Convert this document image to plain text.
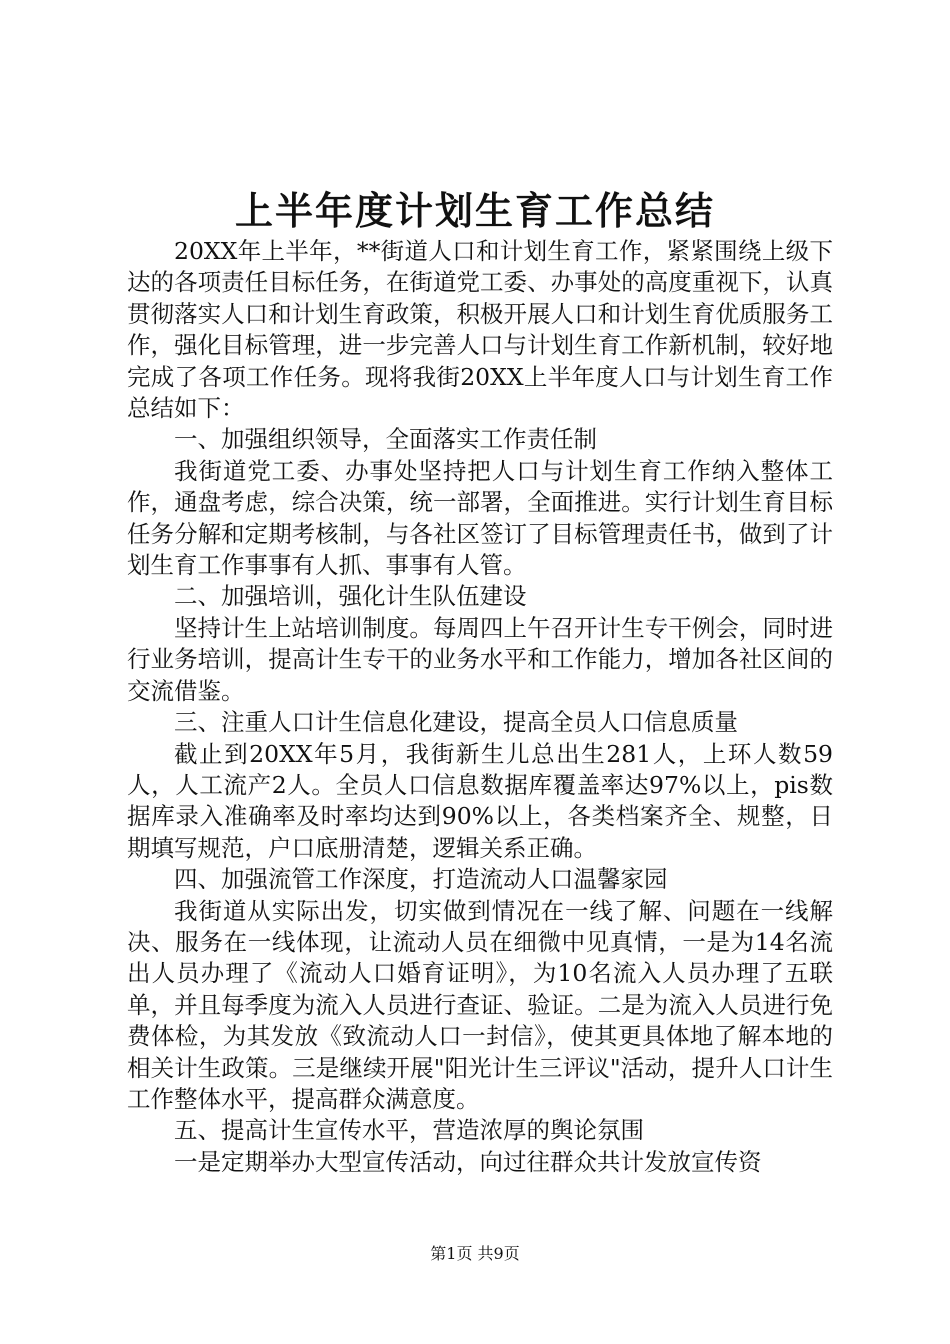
上半年度计划生育工作总结

20XX年上半年，**街道人口和计划生育工作，紧紧围绕上级下达的各项责任目标任务，在街道党工委、办事处的高度重视下，认真贯彻落实人口和计划生育政策，积极开展人口和计划生育优质服务工作，强化目标管理，进一步完善人口与计划生育工作新机制，较好地完成了各项工作任务。现将我街20XX上半年度人口与计划生育工作总结如下：

一、加强组织领导，全面落实工作责任制

我街道党工委、办事处坚持把人口与计划生育工作纳入整体工作，通盘考虑，综合决策，统一部署，全面推进。实行计划生育目标任务分解和定期考核制，与各社区签订了目标管理责任书，做到了计划生育工作事事有人抓、事事有人管。

二、加强培训，强化计生队伍建设

坚持计生上站培训制度。每周四上午召开计生专干例会，同时进行业务培训，提高计生专干的业务水平和工作能力，增加各社区间的交流借鉴。

三、注重人口计生信息化建设，提高全员人口信息质量

截止到20XX年5月，我街新生儿总出生281人，上环人数59人，人工流产2人。全员人口信息数据库覆盖率达97%以上，pis数据库录入准确率及时率均达到90%以上，各类档案齐全、规整，日期填写规范，户口底册清楚，逻辑关系正确。

四、加强流管工作深度，打造流动人口温馨家园

我街道从实际出发，切实做到情况在一线了解、问题在一线解决、服务在一线体现，让流动人员在细微中见真情，一是为14名流出人员办理了《流动人口婚育证明》，为10名流入人员办理了五联单，并且每季度为流入人员进行查证、验证。二是为流入人员进行免费体检，为其发放《致流动人口一封信》，使其更具体地了解本地的相关计生政策。三是继续开展"阳光计生三评议"活动，提升人口计生工作整体水平，提高群众满意度。

五、提高计生宣传水平，营造浓厚的舆论氛围

一是定期举办大型宣传活动，向过往群众共计发放宣传资

第1页 共9页
